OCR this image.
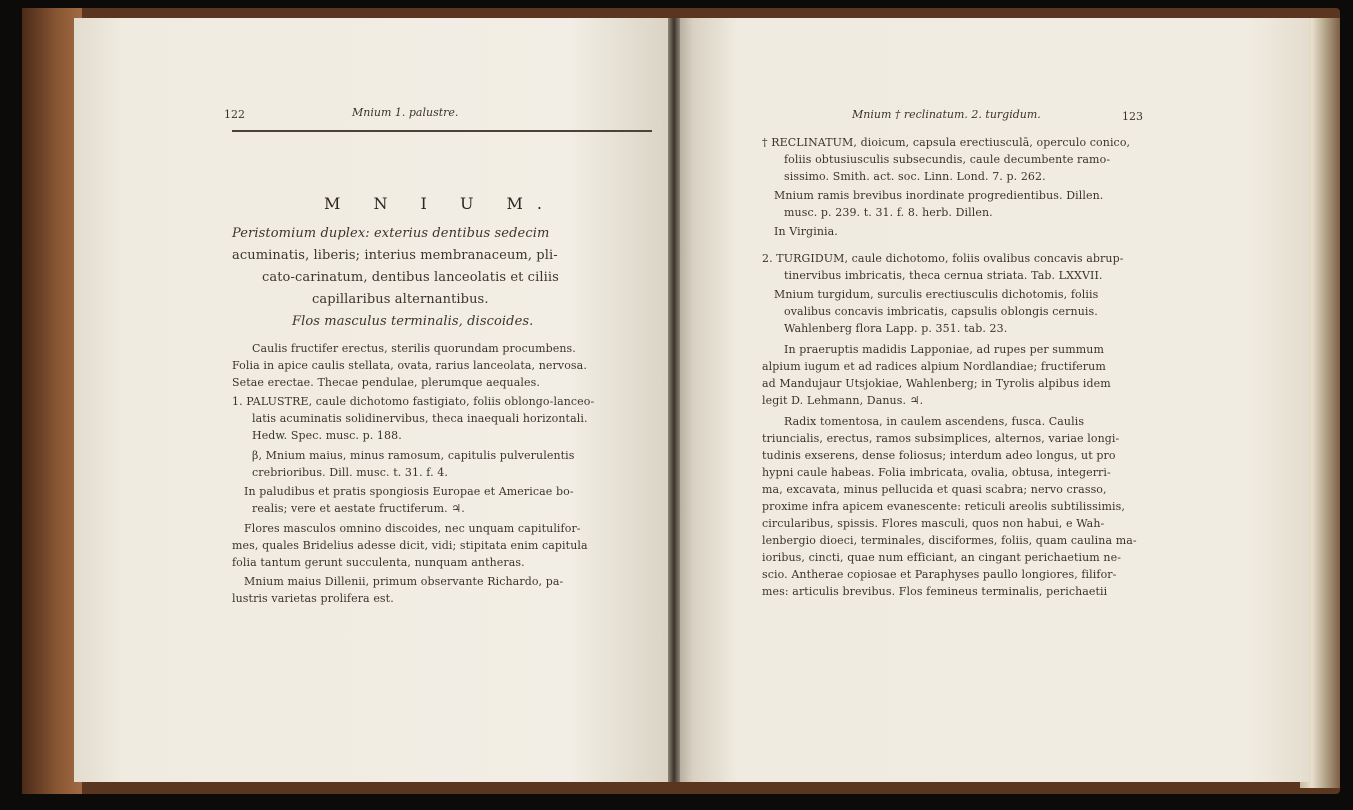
122	Mnium 1. palustre.
M N I U M.
Peristomium duplex: exterius dentibus sedecim
acuminatis, liberis; interius membranaceum, pli-
cato-carinatum, dentibus lanceolatis et ciliis
capillaribus alternantibus.
Flos masculus terminalis, discoides.
Caulis fructifer erectus, sterilis quorundam procumbens.
Folia in apice caulis stellata, ovata, rarius lanceolata, nervosa.
Setae erectae. Thecae pendulae, plerumque aequales.
1. PALUSTRE, caule dichotomo fastigiato, foliis oblongo-lanceo-
latis acuminatis solidinervibus, theca inaequali horizontali.
Hedw. Spec. musc. p. 188.
β, Mnium maius, minus ramosum, capitulis pulverulentis
crebrioribus. Dill. musc. t. 31. f. 4.
In paludibus et pratis spongiosis Europae et Americae bo-
realis; vere et aestate fructiferum. ♃.
Flores masculos omnino discoides, nec unquam capitulifor-
mes, quales Bridelius adesse dicit, vidi; stipitata enim capitula
folia tantum gerunt succulenta, nunquam antheras.
Mnium maius Dillenii, primum observante Richardo, pa-
lustris varietas prolifera est.
Mnium † reclinatum. 2. turgidum.	123
† RECLINATUM, dioicum, capsula erectiusculā, operculo conico,
foliis obtusiusculis subsecundis, caule decumbente ramo-
sissimo. Smith. act. soc. Linn. Lond. 7. p. 262.
Mnium ramis brevibus inordinate progredientibus. Dillen.
musc. p. 239. t. 31. f. 8. herb. Dillen.
In Virginia.
2. TURGIDUM, caule dichotomo, foliis ovalibus concavis abrup-
tinervibus imbricatis, theca cernua striata. Tab. LXXVII.
Mnium turgidum, surculis erectiusculis dichotomis, foliis
ovalibus concavis imbricatis, capsulis oblongis cernuis.
Wahlenberg flora Lapp. p. 351. tab. 23.
In praeruptis madidis Lapponiae, ad rupes per summum
alpium iugum et ad radices alpium Nordlandiae; fructiferum
ad Mandujaur Utsjokiae, Wahlenberg; in Tyrolis alpibus idem
legit D. Lehmann, Danus. ♃.
Radix tomentosa, in caulem ascendens, fusca. Caulis
triuncialis, erectus, ramos subsimplices, alternos, variae longi-
tudinis exserens, dense foliosus; interdum adeo longus, ut pro
hypni caule habeas. Folia imbricata, ovalia, obtusa, integerri-
ma, excavata, minus pellucida et quasi scabra; nervo crasso,
proxime infra apicem evanescente: reticuli areolis subtilissimis,
circularibus, spissis. Flores masculi, quos non habui, e Wah-
lenbergio dioeci, terminales, disciformes, foliis, quam caulina ma-
ioribus, cincti, quae num efficiant, an cingant perichaetium ne-
scio. Antherae copiosae et Paraphyses paullo longiores, filifor-
mes: articulis brevibus. Flos femineus terminalis, perichaetii
